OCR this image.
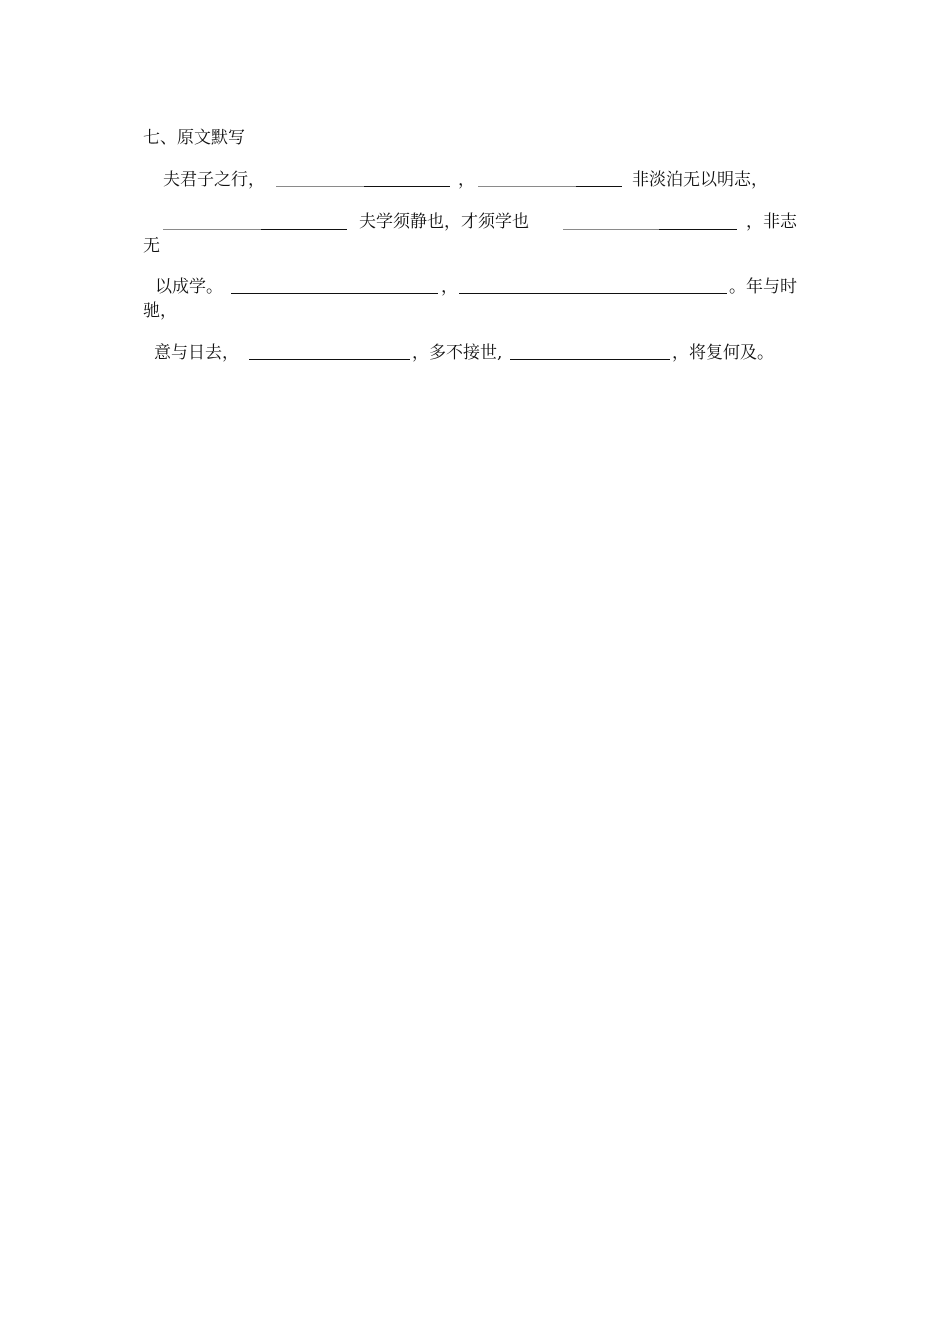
七、原文默写
夫君子之行，	，	非淡泊无以明志，
夫学须静也，才须学也	，非志
无
以成学。	，	。年与时
驰，
意与日去，	，多不接世,	，将复何及。
